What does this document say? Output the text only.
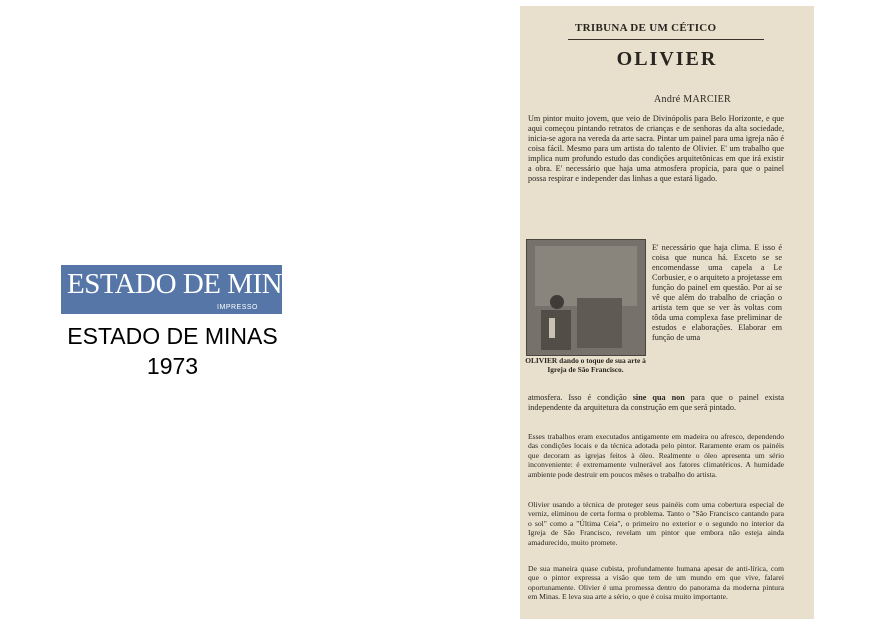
ESTADO DE MINAS
IMPRESSO
ESTADO DE MINAS
1973
TRIBUNA DE UM CÉTICO
OLIVIER
André MARCIER

Um pintor muito jovem, que veio de Divinópolis para Belo Horizonte, e que aqui começou pintando retratos de crianças e de senhoras da alta sociedade, inicia-se agora na vereda da arte sacra. Pintar um painel para uma igreja não é coisa fácil. Mesmo para um artista do talento de Olivier. E' um trabalho que implica num profundo estudo das condições arquitetônicas em que irá existir a obra. E' necessário que haja uma atmosfera propícia, para que o painel possa respirar e independer das linhas a que estará ligado.

OLIVIER dando o toque de sua arte à Igreja de São Francisco.

E' necessário que haja clima. E isso é coisa que nunca há. Exceto se se encomendasse uma capela a Le Corbusier, e o arquiteto a projetasse em função do painel em questão. Por aí se vê que além do trabalho de criação o artista tem que se ver às voltas com tôda uma complexa fase preliminar de estudos e elaborações. Elaborar em função de uma

atmosfera. Isso é condição sine qua non para que o painel exista independente da arquitetura da construção em que será pintado.

Esses trabalhos eram executados antigamente em madeira ou afresco, dependendo das condições locais e da técnica adotada pelo pintor. Raramente eram os painéis que decoram as igrejas feitos à óleo. Realmente o óleo apresenta um sério inconveniente: é extremamente vulnerável aos fatores climatéricos. A humidade ambiente pode destruir em poucos mêses o trabalho do artista.

Olivier usando a técnica de proteger seus painéis com uma cobertura especial de verniz, eliminou de certa forma o problema. Tanto o "São Francisco cantando para o sol" como a "Última Ceia", o primeiro no exterior e o segundo no interior da Igreja de São Francisco, revelam um pintor que embora não esteja ainda amadurecido, muito promete.

De sua maneira quase cubista, profundamente humana apesar de anti-lírica, com que o pintor expressa a visão que tem de um mundo em que vive, falarei oportunamente. Olivier é uma promessa dentro do panorama da moderna pintura em Minas. E leva sua arte a sério, o que é coisa muito importante.
